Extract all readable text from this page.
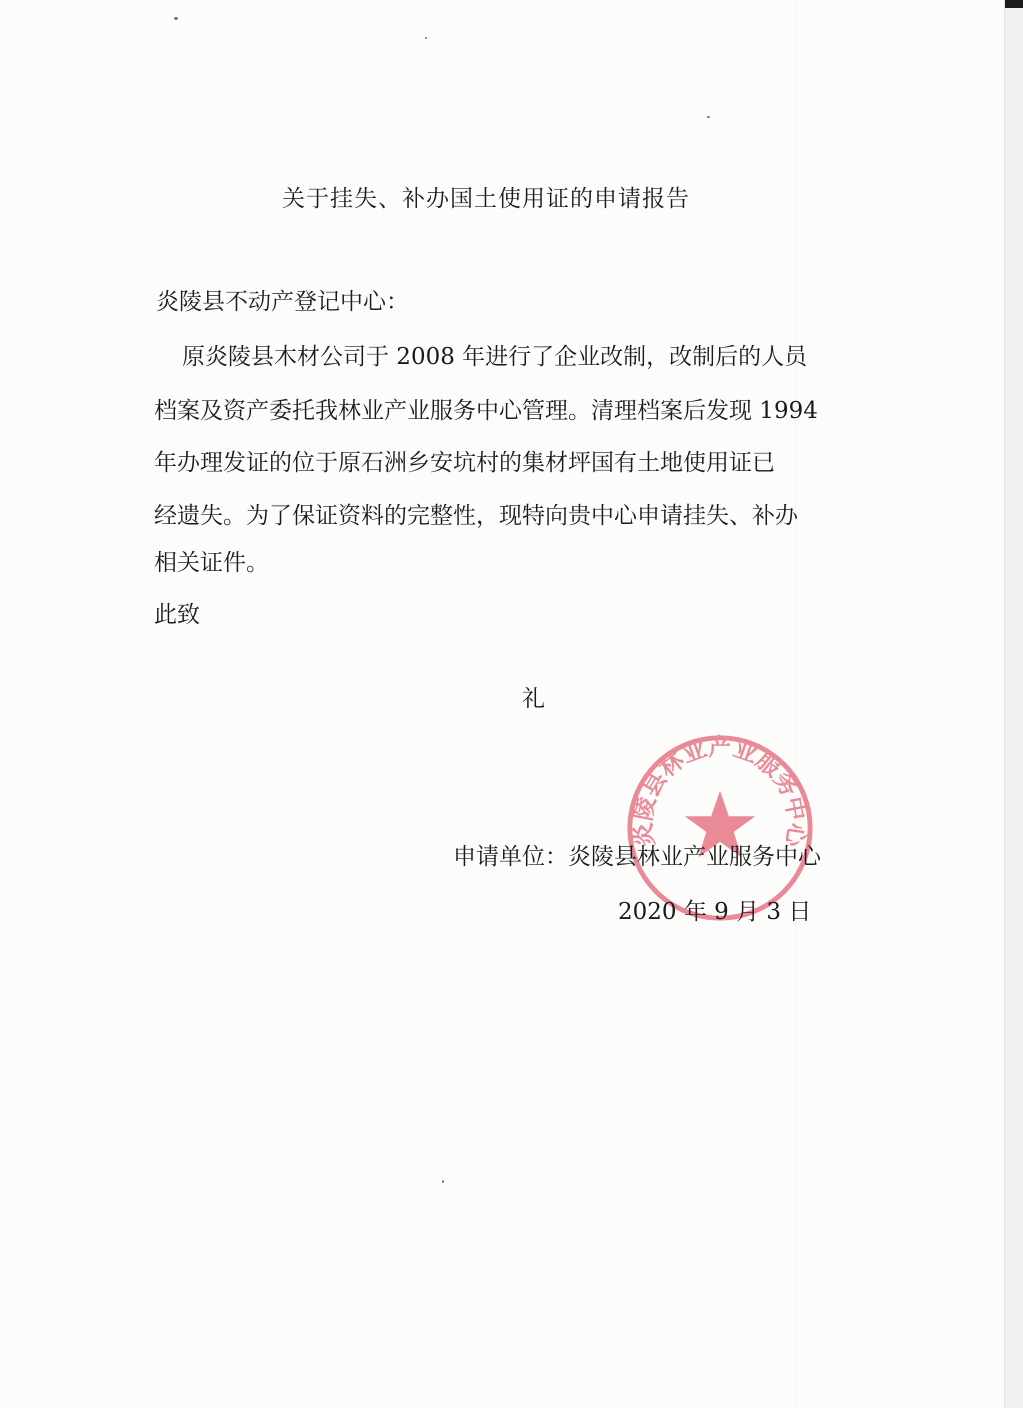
关于挂失、补办国土使用证的申请报告
炎陵县不动产登记中心：
原炎陵县木材公司于 2008 年进行了企业改制，改制后的人员
档案及资产委托我林业产业服务中心管理。清理档案后发现 1994
年办理发证的位于原石洲乡安坑村的集材坪国有土地使用证已
经遗失。为了保证资料的完整性，现特向贵中心申请挂失、补办
相关证件。
此致
礼
炎陵县林业产业服务中心
申请单位：炎陵县林业产业服务中心
2020 年 9 月 3 日
